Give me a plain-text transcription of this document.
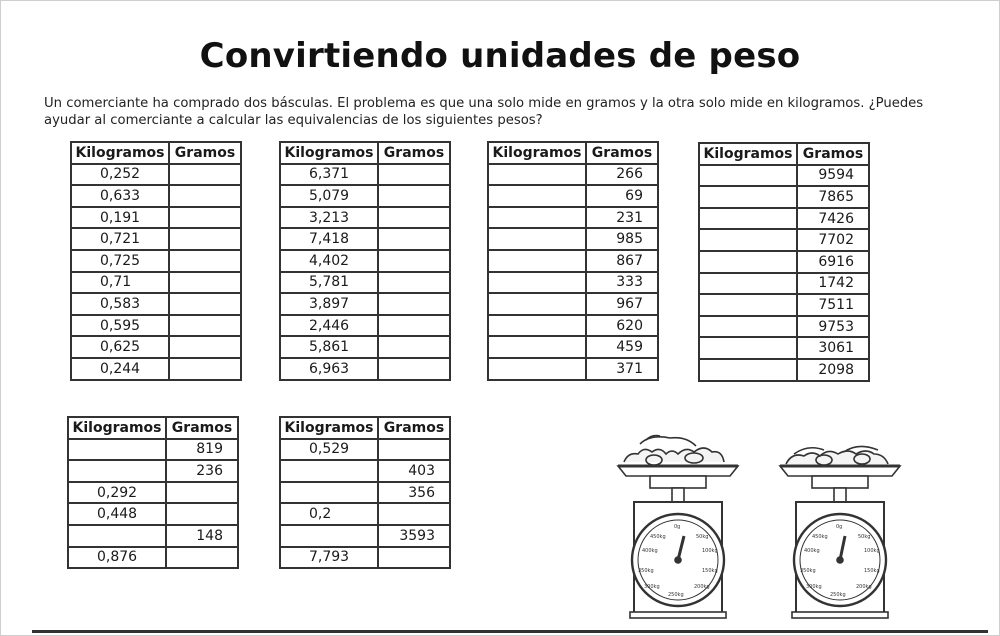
Convirtiendo unidades de peso
Un comerciante ha comprado dos básculas. El problema es que una solo mide en gramos y la otra solo mide en kilogramos. ¿Puedes ayudar al comerciante a calcular las equivalencias de los siguientes pesos?
Kilogramos	Gramos
0,252	
0,633	
0,191	
0,721	
0,725	
0,71	
0,583	
0,595	
0,625	
0,244	
Kilogramos	Gramos
6,371	
5,079	
3,213	
7,418	
4,402	
5,781	
3,897	
2,446	
5,861	
6,963	
Kilogramos	Gramos
	266
	69
	231
	985
	867
	333
	967
	620
	459
	371
Kilogramos	Gramos
	9594
	7865
	7426
	7702
	6916
	1742
	7511
	9753
	3061
	2098
Kilogramos	Gramos
	819
	236
0,292	
0,448	
	148
0,876	
Kilogramos	Gramos
0,529	
	403
	356
0,2	
	3593
7,793	
0g
50kg
100kg
150kg
200kg
250kg
300kg
350kg
400kg
450kg
0g
50kg
100kg
150kg
200kg
250kg
300kg
350kg
400kg
450kg
